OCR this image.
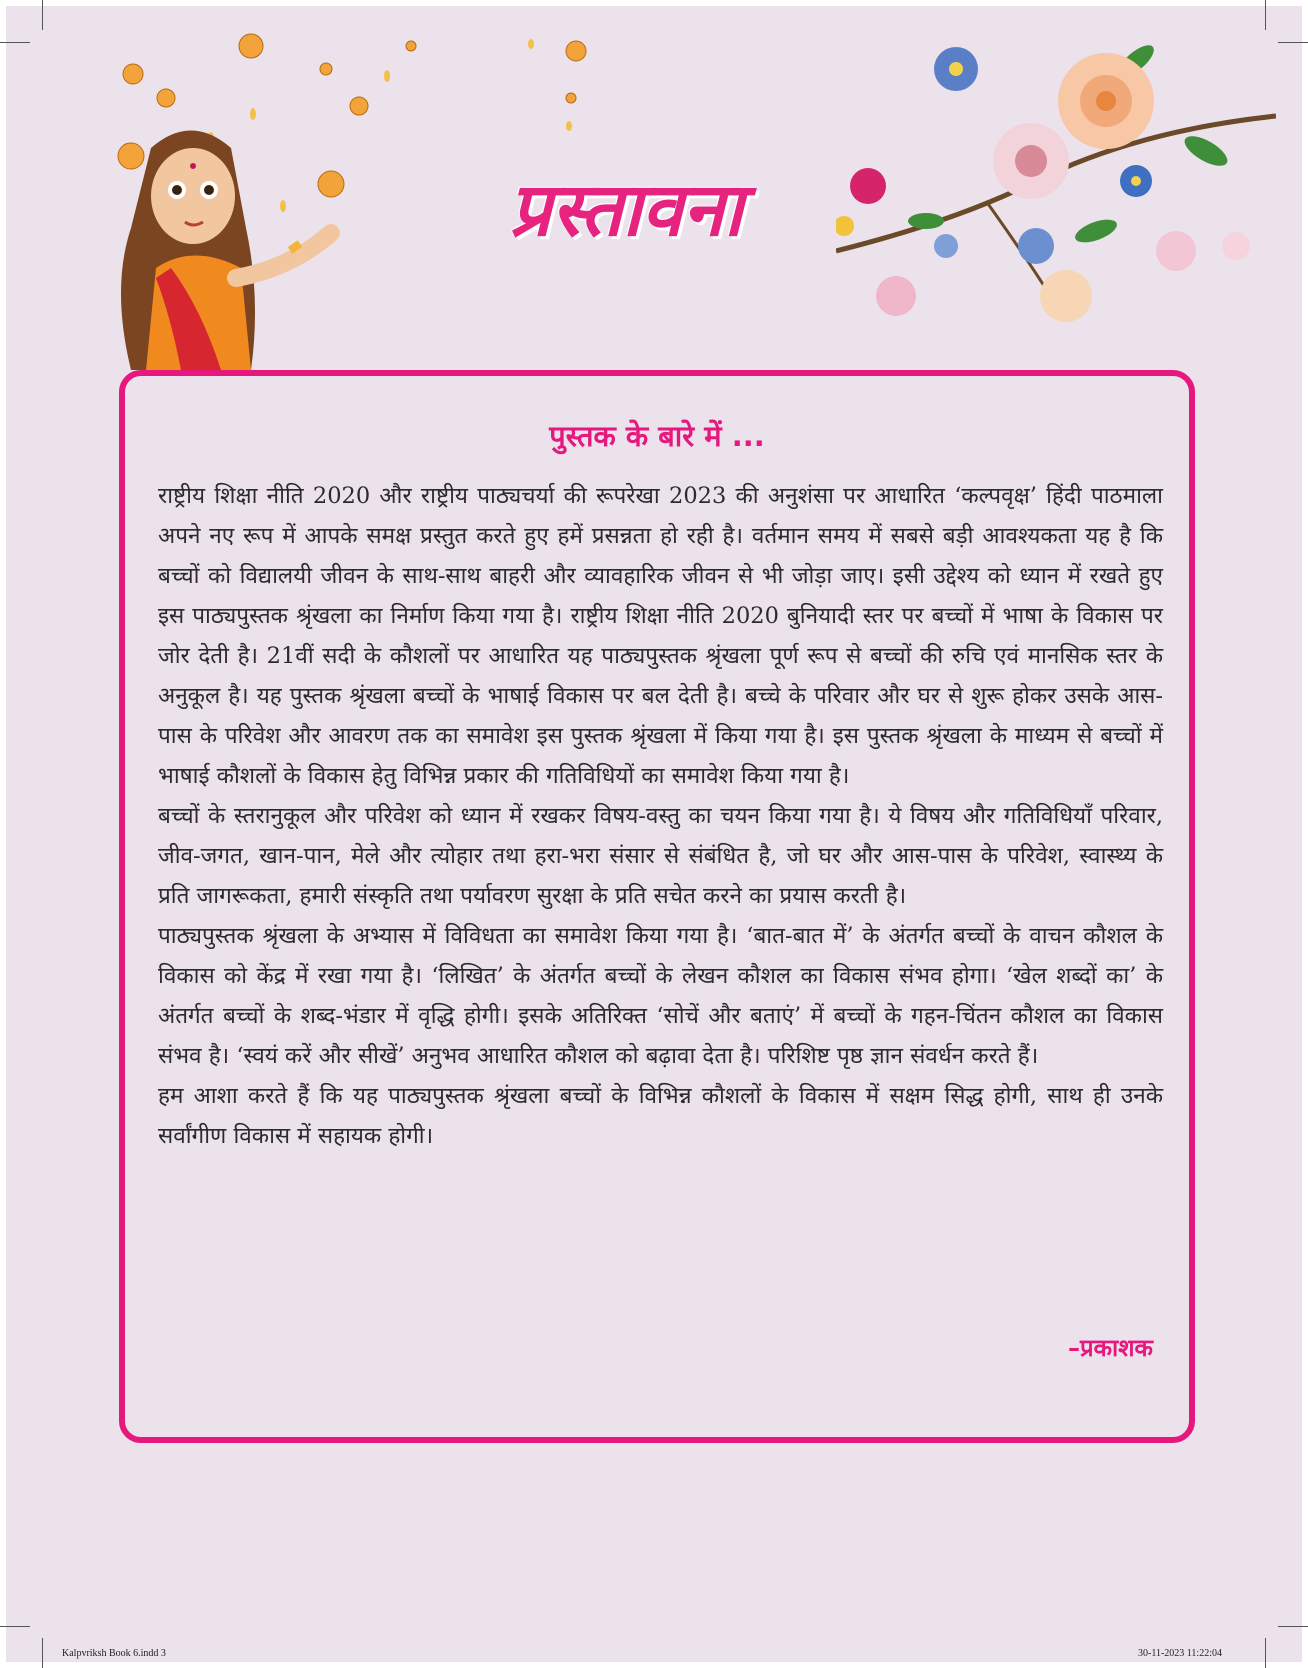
प्रस्तावना
पुस्तक के बारे में ...

राष्ट्रीय शिक्षा नीति 2020 और राष्ट्रीय पाठ्यचर्या की रूपरेखा 2023 की अनुशंसा पर आधारित ‘कल्पवृक्ष’ हिंदी पाठमाला अपने नए रूप में आपके समक्ष प्रस्तुत करते हुए हमें प्रसन्नता हो रही है। वर्तमान समय में सबसे बड़ी आवश्यकता यह है कि बच्चों को विद्यालयी जीवन के साथ-साथ बाहरी और व्यावहारिक जीवन से भी जोड़ा जाए। इसी उद्देश्य को ध्यान में रखते हुए इस पाठ्यपुस्तक श्रृंखला का निर्माण किया गया है। राष्ट्रीय शिक्षा नीति 2020 बुनियादी स्तर पर बच्चों में भाषा के विकास पर जोर देती है। 21वीं सदी के कौशलों पर आधारित यह पाठ्यपुस्तक श्रृंखला पूर्ण रूप से बच्चों की रुचि एवं मानसिक स्तर के अनुकूल है। यह पुस्तक श्रृंखला बच्चों के भाषाई विकास पर बल देती है। बच्चे के परिवार और घर से शुरू होकर उसके आस-पास के परिवेश और आवरण तक का समावेश इस पुस्तक श्रृंखला में किया गया है। इस पुस्तक श्रृंखला के माध्यम से बच्चों में भाषाई कौशलों के विकास हेतु विभिन्न प्रकार की गतिविधियों का समावेश किया गया है।

बच्चों के स्तरानुकूल और परिवेश को ध्यान में रखकर विषय-वस्तु का चयन किया गया है। ये विषय और गतिविधियाँ परिवार, जीव-जगत, खान-पान, मेले और त्योहार तथा हरा-भरा संसार से संबंधित है, जो घर और आस-पास के परिवेश, स्वास्थ्य के प्रति जागरूकता, हमारी संस्कृति तथा पर्यावरण सुरक्षा के प्रति सचेत करने का प्रयास करती है।

पाठ्यपुस्तक श्रृंखला के अभ्यास में विविधता का समावेश किया गया है। ‘बात-बात में’ के अंतर्गत बच्चों के वाचन कौशल के विकास को केंद्र में रखा गया है। ‘लिखित’ के अंतर्गत बच्चों के लेखन कौशल का विकास संभव होगा। ‘खेल शब्दों का’ के अंतर्गत बच्चों के शब्द-भंडार में वृद्धि होगी। इसके अतिरिक्त ‘सोचें और बताएं’ में बच्चों के गहन-चिंतन कौशल का विकास संभव है। ‘स्वयं करें और सीखें’ अनुभव आधारित कौशल को बढ़ावा देता है। परिशिष्ट पृष्ठ ज्ञान संवर्धन करते हैं।

हम आशा करते हैं कि यह पाठ्यपुस्तक श्रृंखला बच्चों के विभिन्न कौशलों के विकास में सक्षम सिद्ध होगी, साथ ही उनके सर्वांगीण विकास में सहायक होगी।

–प्रकाशक
Kalpvriksh Book 6.indd 3	30-11-2023 11:22:04
